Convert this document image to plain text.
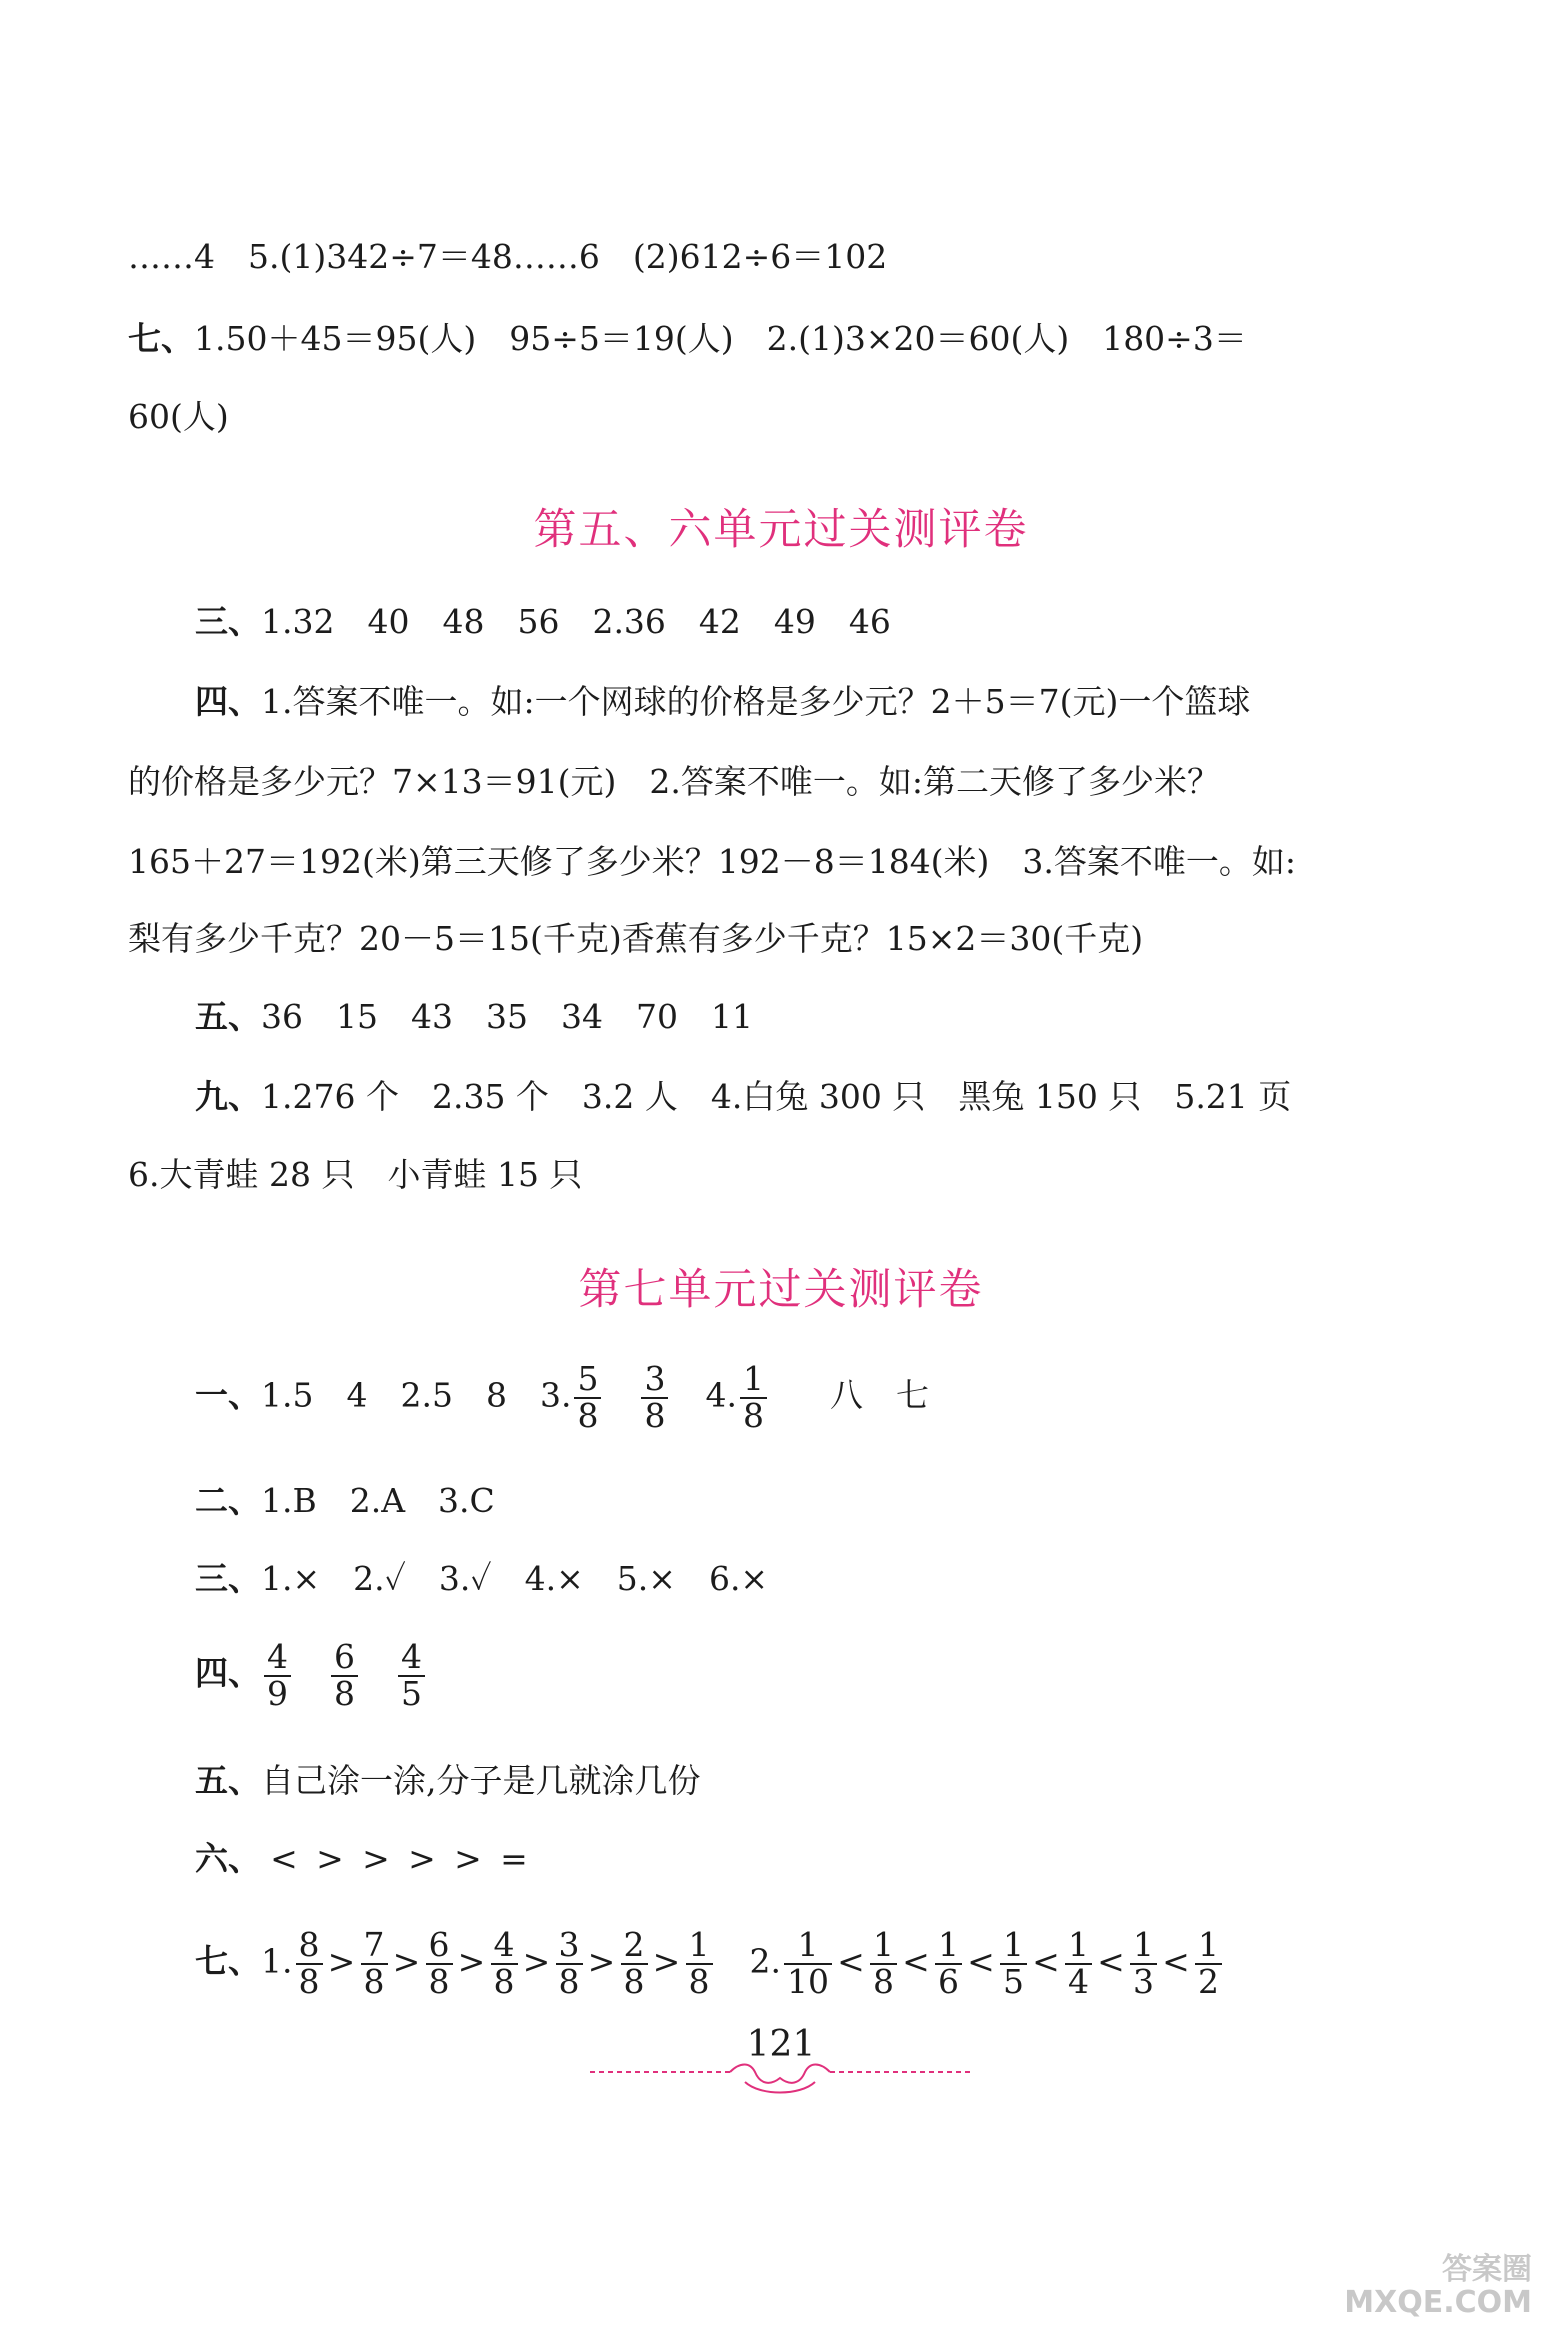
……4　5.(1)342÷7＝48……6　(2)612÷6＝102
七、1.50＋45＝95(人)　95÷5＝19(人)　2.(1)3×20＝60(人)　180÷3＝
60(人)
第五、六单元过关测评卷
三、1.32　40　48　56　2.36　42　49　46
四、1.答案不唯一。如:一个网球的价格是多少元？2＋5＝7(元)一个篮球
的价格是多少元？7×13＝91(元)　2.答案不唯一。如:第二天修了多少米？
165＋27＝192(米)第三天修了多少米？192－8＝184(米)　3.答案不唯一。如:
梨有多少千克？20－5＝15(千克)香蕉有多少千克？15×2＝30(千克)
五、36　15　43　35　34　70　11
九、1.276 个　2.35 个　3.2 人　4.白兔 300 只　黑兔 150 只　5.21 页
6.大青蛙 28 只　小青蛙 15 只
第七单元过关测评卷
一、1.5　4　2.5　8　3. $\frac{5}{8} \frac{3}{8} 4$. $\frac{1}{8}$ 八　七
二、1.B　2.A　3.C
三、1.×　2.✓　3.✓　4.×　5.×　6.×
四、 $\frac{4}{9} \frac{6}{8} \frac{4}{5}$
五、自己涂一涂,分子是几就涂几份
六、 < > > > > =
七、1. $\frac{8}{8} > \frac{7}{8} > \frac{6}{8} > \frac{4}{8} > \frac{3}{8} > \frac{2}{8} > \frac{1}{8} 2$. $\frac{1}{10} < \frac{1}{8} < \frac{1}{6} < \frac{1}{5} < \frac{1}{4} < \frac{1}{3} < \frac{1}{2}$
121
答案圈
MXQE.COM
